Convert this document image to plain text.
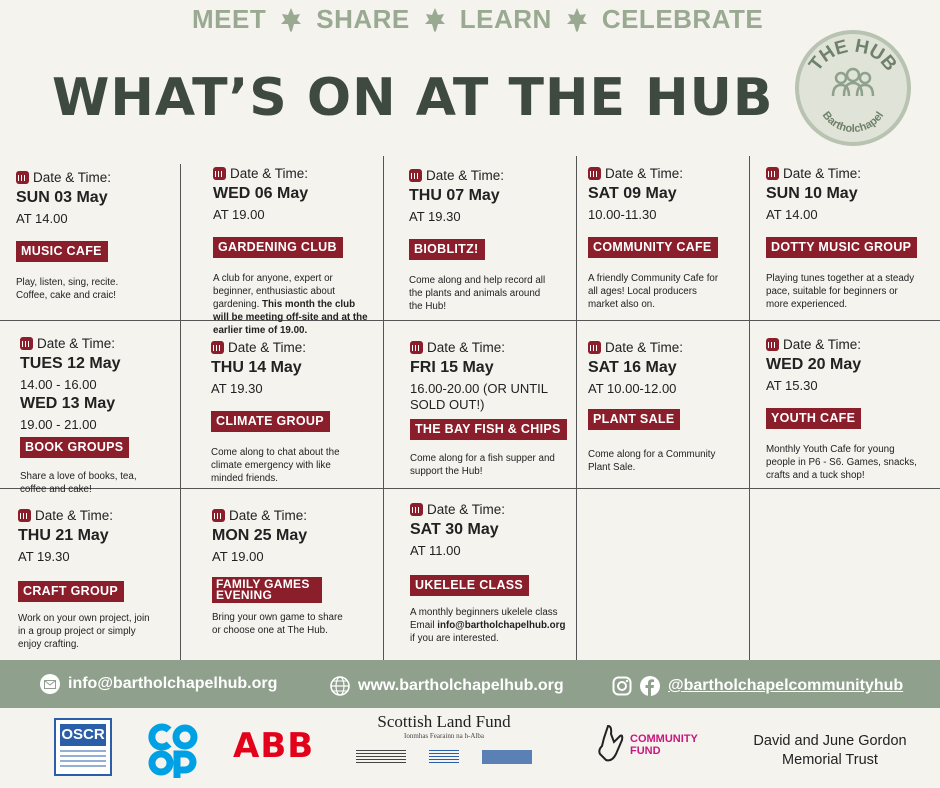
MEET SHARE LEARN CELEBRATE
WHAT’S ON AT THE HUB
THE HUB
Bartholchapel
Date & Time:
SUN 03 May
AT 14.00
MUSIC CAFE
Play, listen, sing, recite. Coffee, cake and craic!
Date & Time:
WED 06 May
AT 19.00
GARDENING CLUB
A club for anyone, expert or beginner, enthusiastic about gardening. This month the club will be meeting off-site and at the earlier time of 19.00.
Date & Time:
THU 07 May
AT 19.30
BIOBLITZ!
Come along and help record all the plants and animals around the Hub!
Date & Time:
SAT 09 May
10.00-11.30
COMMUNITY CAFE
A friendly Community Cafe for all ages! Local producers market also on.
Date & Time:
SUN 10 May
AT 14.00
DOTTY MUSIC GROUP
Playing tunes together at a steady pace, suitable for beginners or more experienced.
Date & Time:
TUES 12 May
14.00 - 16.00
WED 13 May
19.00 - 21.00
BOOK GROUPS
Share a love of books, tea, coffee and cake!
Date & Time:
THU 14 May
AT 19.30
CLIMATE GROUP
Come along to chat about the climate emergency with like minded friends.
Date & Time:
FRI 15 May
16.00-20.00 (OR UNTIL SOLD OUT!)
THE BAY FISH & CHIPS
Come along for a fish supper and support the Hub!
Date & Time:
SAT 16 May
AT 10.00-12.00
PLANT SALE
Come along for a Community Plant Sale.
Date & Time:
WED 20 May
AT 15.30
YOUTH CAFE
Monthly Youth Cafe for young people in P6 - S6. Games, snacks, crafts and a tuck shop!
Date & Time:
THU 21 May
AT 19.30
CRAFT GROUP
Work on your own project, join in a group project or simply enjoy crafting.
Date & Time:
MON 25 May
AT 19.00
FAMILY GAMES EVENING
Bring your own game to share or choose one at The Hub.
Date & Time:
SAT 30 May
AT 11.00
UKELELE CLASS
A monthly beginners ukelele class Email info@bartholchapelhub.org if you are interested.
info@bartholchapelhub.org	www.bartholchapelhub.org	@bartholchapelcommunityhub
OSCR	ABB
Scottish Land Fund
Ionmhas Fearainn na h-Alba	COMMUNITY FUND
David and June Gordon Memorial Trust
